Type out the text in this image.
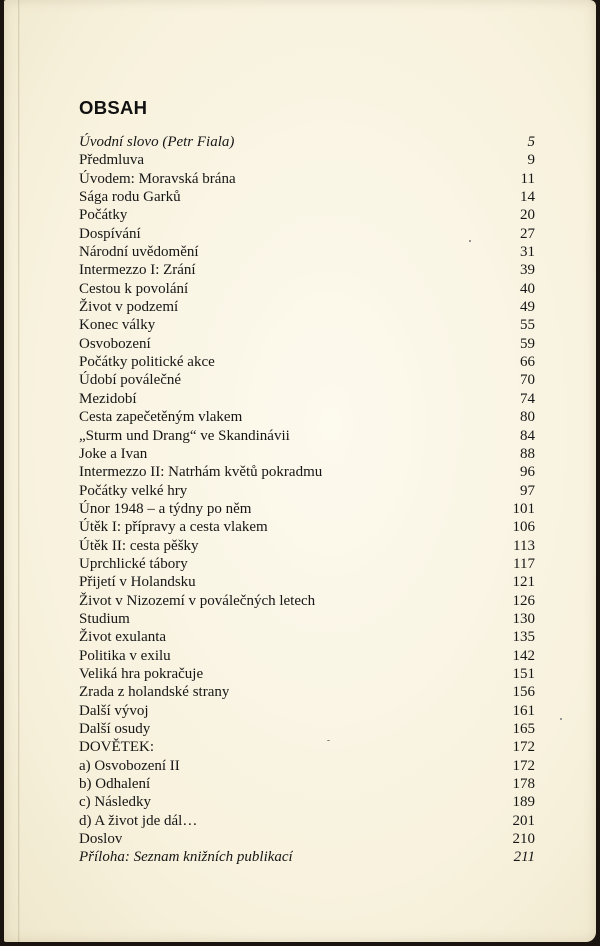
OBSAH
Úvodní slovo (Petr Fiala)	5
Předmluva	9
Úvodem: Moravská brána	11
Sága rodu Garků	14
Počátky	20
Dospívání	27
Národní uvědomění	31
Intermezzo I: Zrání	39
Cestou k povolání	40
Život v podzemí	49
Konec války	55
Osvobození	59
Počátky politické akce	66
Údobí poválečné	70
Mezidobí	74
Cesta zapečetěným vlakem	80
„Sturm und Drang“ ve Skandinávii	84
Joke a Ivan	88
Intermezzo II: Natrhám květů pokradmu	96
Počátky velké hry	97
Únor 1948 – a týdny po něm	101
Útěk I: přípravy a cesta vlakem	106
Útěk II: cesta pěšky	113
Uprchlické tábory	117
Přijetí v Holandsku	121
Život v Nizozemí v poválečných letech	126
Studium	130
Život exulanta	135
Politika v exilu	142
Veliká hra pokračuje	151
Zrada z holandské strany	156
Další vývoj	161
Další osudy	165
DOVĚTEK:	172
a) Osvobození II	172
b) Odhalení	178
c) Následky	189
d) A život jde dál…	201
Doslov	210
Příloha: Seznam knižních publikací	211
